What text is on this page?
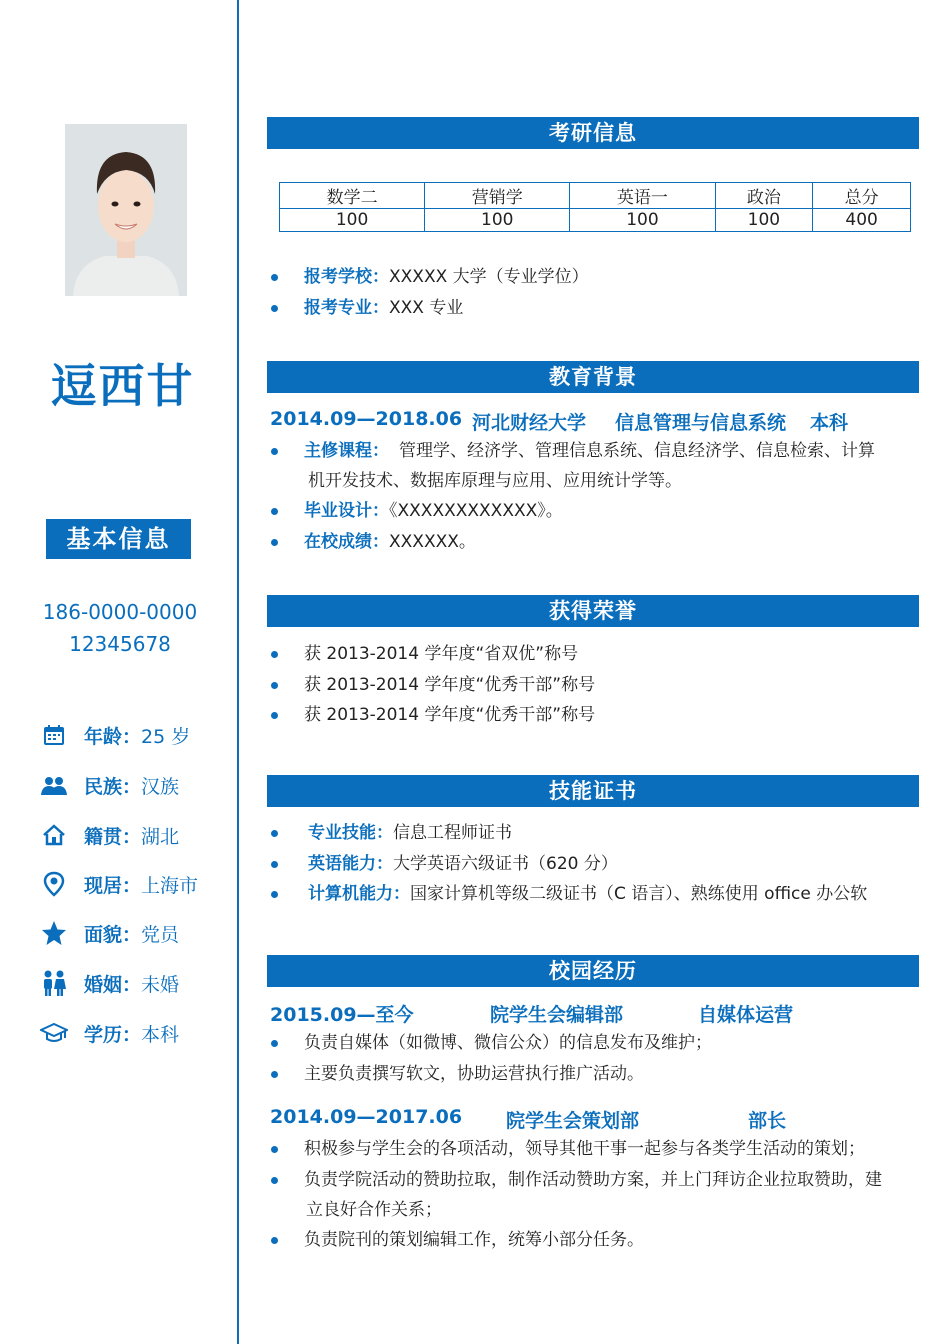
逗西甘
基本信息
186-0000-0000
12345678
年龄 ： 25 岁
民族 ： 汉族
籍贯 ： 湖北
现居 ： 上海市
面貌 ： 党员
婚姻 ： 未婚
学历 ： 本科
考研信息
数学二	营销学	英语一	政治	总分
100	100	100	100	400
报考学校：XXXXX 大学（专业学位）
报考专业：XXX 专业
教育背景
2014.09—2018.06 河北财经大学 信息管理与信息系统 本科
主修课程： 管理学、经济学、管理信息系统、信息经济学、信息检索、计算
机开发技术、数据库原理与应用、应用统计学等。
毕业设计：《XXXXXXXXXXXX》。
在校成绩：XXXXXX。
获得荣誉
获 2013-2014 学年度“省双优”称号
获 2013-2014 学年度“优秀干部”称号
获 2013-2014 学年度“优秀干部”称号
技能证书
专业技能：信息工程师证书
英语能力：大学英语六级证书（620 分）
计算机能力：国家计算机等级二级证书（C 语言）、熟练使用 office 办公软
校园经历
2015.09—至今	院学生会编辑部	自媒体运营
负责自媒体（如微博、微信公众）的信息发布及维护；
主要负责撰写软文，协助运营执行推广活动。
2014.09—2017.06 院学生会策划部	部长
积极参与学生会的各项活动，领导其他干事一起参与各类学生活动的策划；
负责学院活动的赞助拉取，制作活动赞助方案，并上门拜访企业拉取赞助，建
立良好合作关系；
负责院刊的策划编辑工作，统筹小部分任务。
